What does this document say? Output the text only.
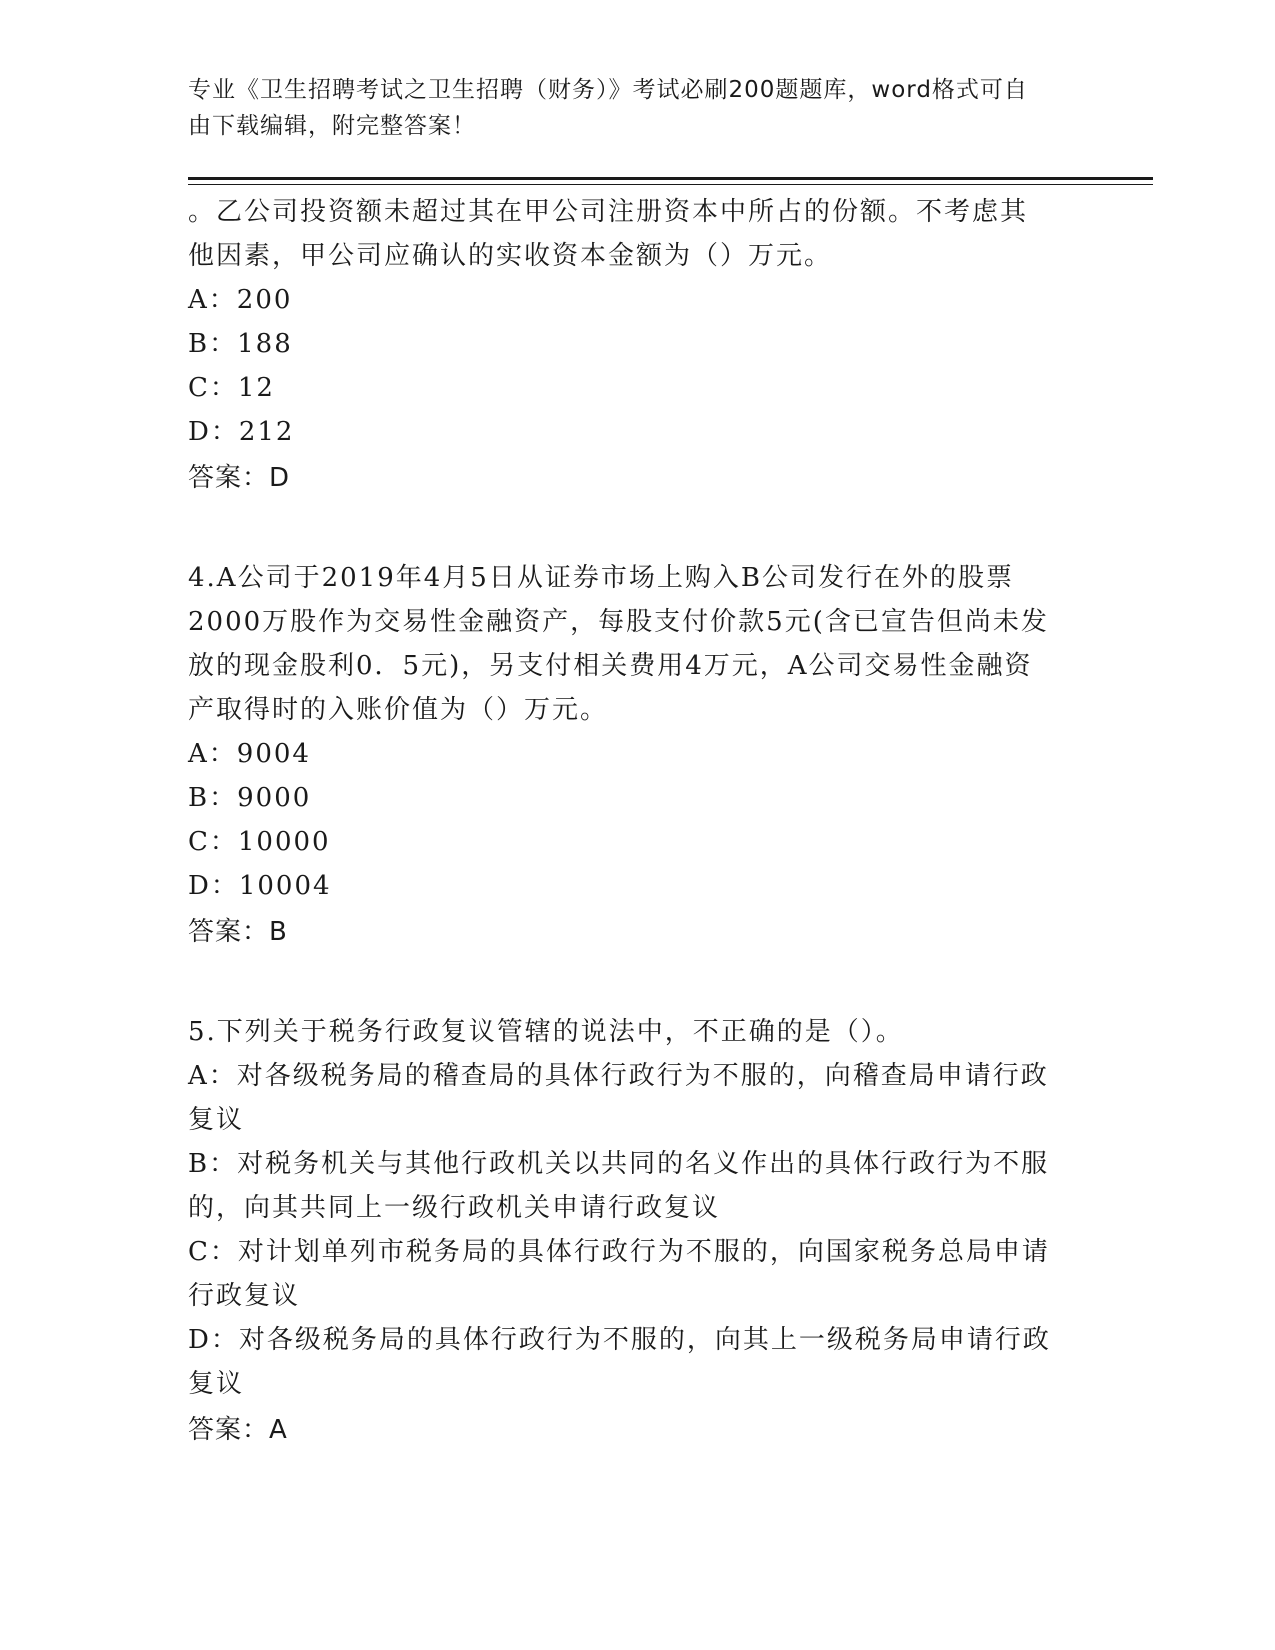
专业《卫生招聘考试之卫生招聘（财务）》考试必刷200题题库，word格式可自
由下载编辑，附完整答案！
。乙公司投资额未超过其在甲公司注册资本中所占的份额。不考虑其
他因素，甲公司应确认的实收资本金额为（）万元。
A：200
B：188
C：12
D：212
答案：D
4.A公司于2019年4月5日从证券市场上购入B公司发行在外的股票
2000万股作为交易性金融资产，每股支付价款5元(含已宣告但尚未发
放的现金股利0．5元)，另支付相关费用4万元，A公司交易性金融资
产取得时的入账价值为（）万元。
A：9004
B：9000
C：10000
D：10004
答案：B
5.下列关于税务行政复议管辖的说法中，不正确的是（）。
A：对各级税务局的稽查局的具体行政行为不服的，向稽查局申请行政
复议
B：对税务机关与其他行政机关以共同的名义作出的具体行政行为不服
的，向其共同上一级行政机关申请行政复议
C：对计划单列市税务局的具体行政行为不服的，向国家税务总局申请
行政复议
D：对各级税务局的具体行政行为不服的，向其上一级税务局申请行政
复议
答案：A
